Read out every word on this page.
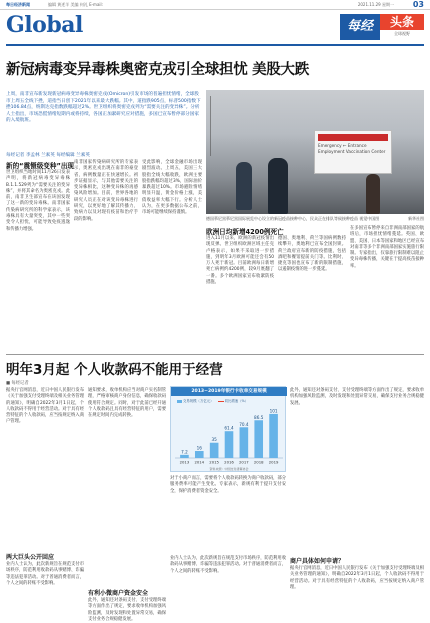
每日经济新闻	编辑 黄述羊 美编 何礼 E-mail:	2021.11.29 星期一 03
Global	每经	头条
全球视野
新冠病毒变异毒株奥密克戎引全球担忧 美股大跌
上周，南非宣布新发现新冠病毒变异毒株奥密克戎(Omicron)引发市场的普遍担忧情绪，全球股市上周五全线下挫，道指当日创下2021年以来最大跌幅。其中，道指跌905点，标普500指数下挫106.84点，纳斯达克指数跌幅超过2%。世卫组织将奥密克戎列为“需要关注的变异株”。分析人士指出，市场恐慌情绪短期内或将持续，各国正加紧研究应对措施，多国已宣布暂停部分国家的入境航班。
每经记者 李孟林 兰素英 每经编辑 兰素英
Emergency ← Entrance
Employment Vaccination Center
德国慕尼黑慕尼黑国际展览中心设立的新冠疫苗接种中心，民众正在排队等候接种疫苗 视觉中国图	新华社图
新的“震慑级变种”出现
世卫组织当地时间11月26日发表声明，将新冠病毒变异毒株B.1.1.529列为“需要关注的变异株”，并将其命名为奥密克戎。此前，南非卫生部宣布在该国发现了这一新的变异毒株。南非国家传染病研究所的科学家表示，该毒株具有大量突变，其中一些突变令人担忧，可能导致免疫逃逸和传播力增强。
南非国家传染病研究所的专家表示，奥密克戎出现在南非的豪登省，病例数量正在快速增长。初步证据显示，与其他需要关注的变异株相比，这种变异株的再感染风险增加。目前，世界各地的研究人员正在对该变异毒株进行研究，以更好地了解其传播力、致病力以及对现有疫苗和治疗手段的影响。
受此影响，全球金融市场出现剧烈波动。上周五，美国三大股指全线大幅收跌，欧洲主要股指跌幅均超过3%，国际油价暴跌超过10%。市场避险情绪明显升温，黄金价格上涨，美债收益率大幅下行。分析人士认为，在更多数据公布之前，市场可能继续保持谨慎。
欧洲日均新增4200例死亡
进入11月以来，欧洲的新冠疫情出现反弹。世卫组织欧洲区域主任克卢格表示，如果不采取进一步措施，到明年3月欧洲可能还会有50万人死于新冠。目前欧洲每日新增死亡病例约4200例，较9月底翻了一番。多个欧洲国家宣布收紧防疫措施。
德国、奥地利、荷兰等国病例数持续攀升，奥地利已宣布全国封锁。荷兰政府宣布新的防疫措施，包括酒吧和餐馆提前关门等。比利时、捷克等国也宣布了新的限制措施，以遏制疫情的进一步蔓延。
在多国宣布暂停来自非洲南部国家的航班后，市场担忧情绪蔓延。英国、欧盟、美国、日本等国家和地区已经宣布对南非等多个非洲南部国家实施旅行限制。专家指出，仅靠旅行限制难以阻止变异毒株传播，关键在于提高疫苗接种率。
明年3月起 个人收款码不能用于经营
■ 每经记者
据央行官网消息，近日中国人民银行发布《关于加强支付受理终端及相关业务管理的通知》，明确自2022年3月1日起，个人收款码不得用于经营活动。对于具有经营特征的个人收款码，应当按规定纳入商户管理。
通知要求，收单机构应当对商户实名制管理，严格审核商户身份信息，确保收款码使用符合规定。同时，对于此前已经开通个人收款码且具有经营特征的用户，需要在规定时间内完成转换。
两大巨头公开回应
业内人士认为，此次新规旨在规范支付市场秩序，防范利用收款码从事赌博、诈骗等违法犯罪活动。对于普通消费者而言，个人之间的转账不受影响。
有利小微商户资金安全
此外，通知还对条码支付、支付受理终端等方面作出了规定，要求收单机构加强风险监测，及时发现和处置异常交易，确保支付业务合规稳健发展。
2013~2019年银行卡收单交易规模
交易规模（万亿元）	同比增速（%）
7.2
2013
16
2014
35
2015
61.4
2016
70.4
2017
86.5
2018
101
2019
资料来源：中国支付清算协会
对于小商户而言，需要将个人收款码转换为商户收款码，部分服务费率可能产生变化。专家表示，新规有利于提升支付安全，保护消费者资金安全。
商户具体如何申请？
此外，通知还对条码支付、支付受理终端等方面作出了规定，要求收单机构加强风险监测，及时发现和处置异常交易，确保支付业务合规稳健发展。
业内人士认为，此次新规旨在规范支付市场秩序，防范利用收款码从事赌博、诈骗等违法犯罪活动。对于普通消费者而言，个人之间的转账不受影响。
据央行官网消息，近日中国人民银行发布《关于加强支付受理终端及相关业务管理的通知》，明确自2022年3月1日起，个人收款码不得用于经营活动。对于具有经营特征的个人收款码，应当按规定纳入商户管理。
